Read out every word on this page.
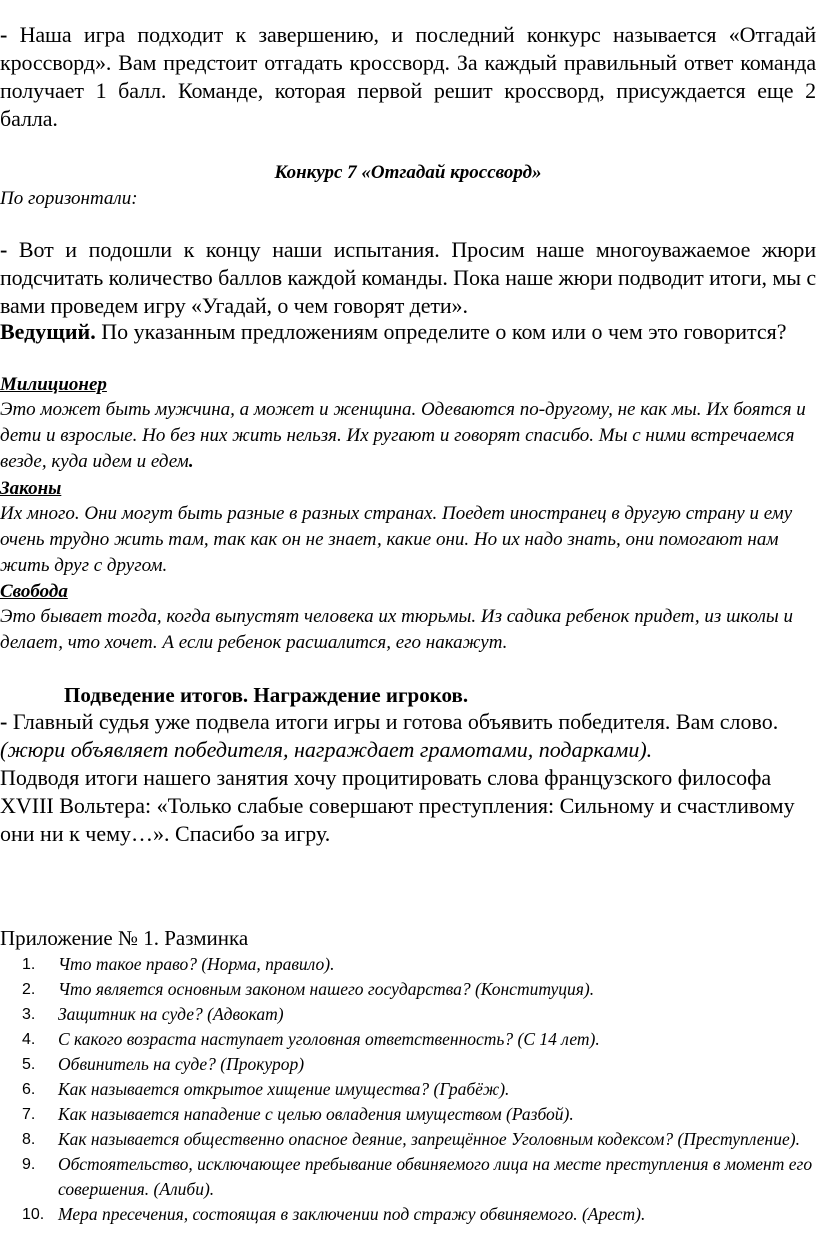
- Наша игра подходит к завершению, и последний конкурс называется «Отгадай кроссворд». Вам предстоит отгадать кроссворд. За каждый правильный ответ команда получает 1 балл. Команде, которая первой решит кроссворд, присуждается еще 2 балла.

Конкурс 7 «Отгадай кроссворд»
По горизонтали:

- Вот и подошли к концу наши испытания. Просим наше многоуважаемое жюри подсчитать количество баллов каждой команды. Пока наше жюри подводит итоги, мы с вами проведем игру «Угадай, о чем говорят дети».

Ведущий. По указанным предложениям определите о ком или о чем это говорится?

Милиционер
Это может быть мужчина, а может и женщина. Одеваются по-другому, не как мы. Их боятся и дети и взрослые. Но без них жить нельзя. Их ругают и говорят спасибо. Мы с ними встречаемся везде, куда идем и едем.
Законы
Их много. Они могут быть разные в разных странах. Поедет иностранец в другую страну и ему очень трудно жить там, так как он не знает, какие они. Но их надо знать, они помогают нам жить друг с другом.
Свобода
Это бывает тогда, когда выпустят человека их тюрьмы. Из садика ребенок придет, из школы и делает, что хочет. А если ребенок расшалится, его накажут.
Подведение итогов. Награждение игроков.

- Главный судья уже подвела итоги игры и готова объявить победителя. Вам слово. (жюри объявляет победителя, награждает грамотами, подарками).
Подводя итоги нашего занятия хочу процитировать слова французского философа XVIII Вольтера: «Только слабые совершают преступления: Сильному и счастливому они ни к чему…». Спасибо за игру.

Приложение № 1. Разминка
1. Что такое право? (Норма, правило).
2. Что является основным законом нашего государства? (Конституция).
3. Защитник на суде? (Адвокат)
4. С какого возраста наступает уголовная ответственность? (С 14 лет).
5. Обвинитель на суде? (Прокурор)
6. Как называется открытое хищение имущества? (Грабёж).
7. Как называется нападение с целью овладения имуществом (Разбой).
8. Как называется общественно опасное деяние, запрещённое Уголовным кодексом? (Преступление).
9. Обстоятельство, исключающее пребывание обвиняемого лица на месте преступления в момент его совершения. (Алиби).
10. Мера пресечения, состоящая в заключении под стражу обвиняемого. (Арест).
